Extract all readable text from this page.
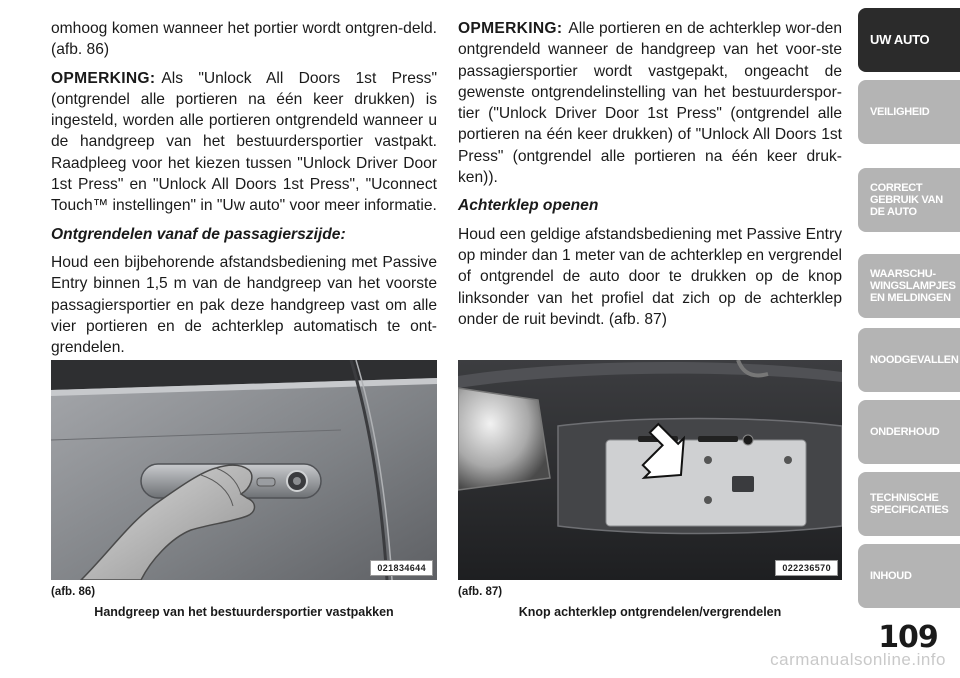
omhoog komen wanneer het portier wordt ontgren-deld. (afb. 86)

OPMERKING: Als "Unlock All Doors 1st Press" (ontgrendel alle portieren na één keer drukken) is ingesteld, worden alle portieren ontgrendeld wanneer u de handgreep van het bestuurdersportier vastpakt. Raadpleeg voor het kiezen tussen "Unlock Driver Door 1st Press" en "Unlock All Doors 1st Press", "Uconnect Touch™ instellingen" in "Uw auto" voor meer informatie.

Ontgrendelen vanaf de passagierszijde:

Houd een bijbehorende afstandsbediening met Passive Entry binnen 1,5 m van de handgreep van het voorste passagiersportier en pak deze handgreep vast om alle vier portieren en de achterklep automatisch te ont-grendelen.

OPMERKING: Alle portieren en de achterklep wor-den ontgrendeld wanneer de handgreep van het voor-ste passagiersportier wordt vastgepakt, ongeacht de gewenste ontgrendelinstelling van het bestuurderspor-tier ("Unlock Driver Door 1st Press" (ontgrendel alle portieren na één keer drukken) of "Unlock All Doors 1st Press" (ontgrendel alle portieren na één keer druk-ken)).

Achterklep openen

Houd een geldige afstandsbediening met Passive Entry op minder dan 1 meter van de achterklep en vergrendel of ontgrendel de auto door te drukken op de knop linksonder van het profiel dat zich op de achterklep onder de ruit bevindt. (afb. 87)

021834644	022236570
(afb. 86)
Handgreep van het bestuurdersportier vastpakken
(afb. 87)
Knop achterklep ontgrendelen/vergrendelen
UW AUTO
VEILIGHEID
CORRECT
GEBRUIK VAN
DE AUTO
WAARSCHU-
WINGSLAMPJES
EN MELDINGEN
NOODGEVALLEN
ONDERHOUD
TECHNISCHE
SPECIFICATIES
INHOUD
109
carmanualsonline.info
